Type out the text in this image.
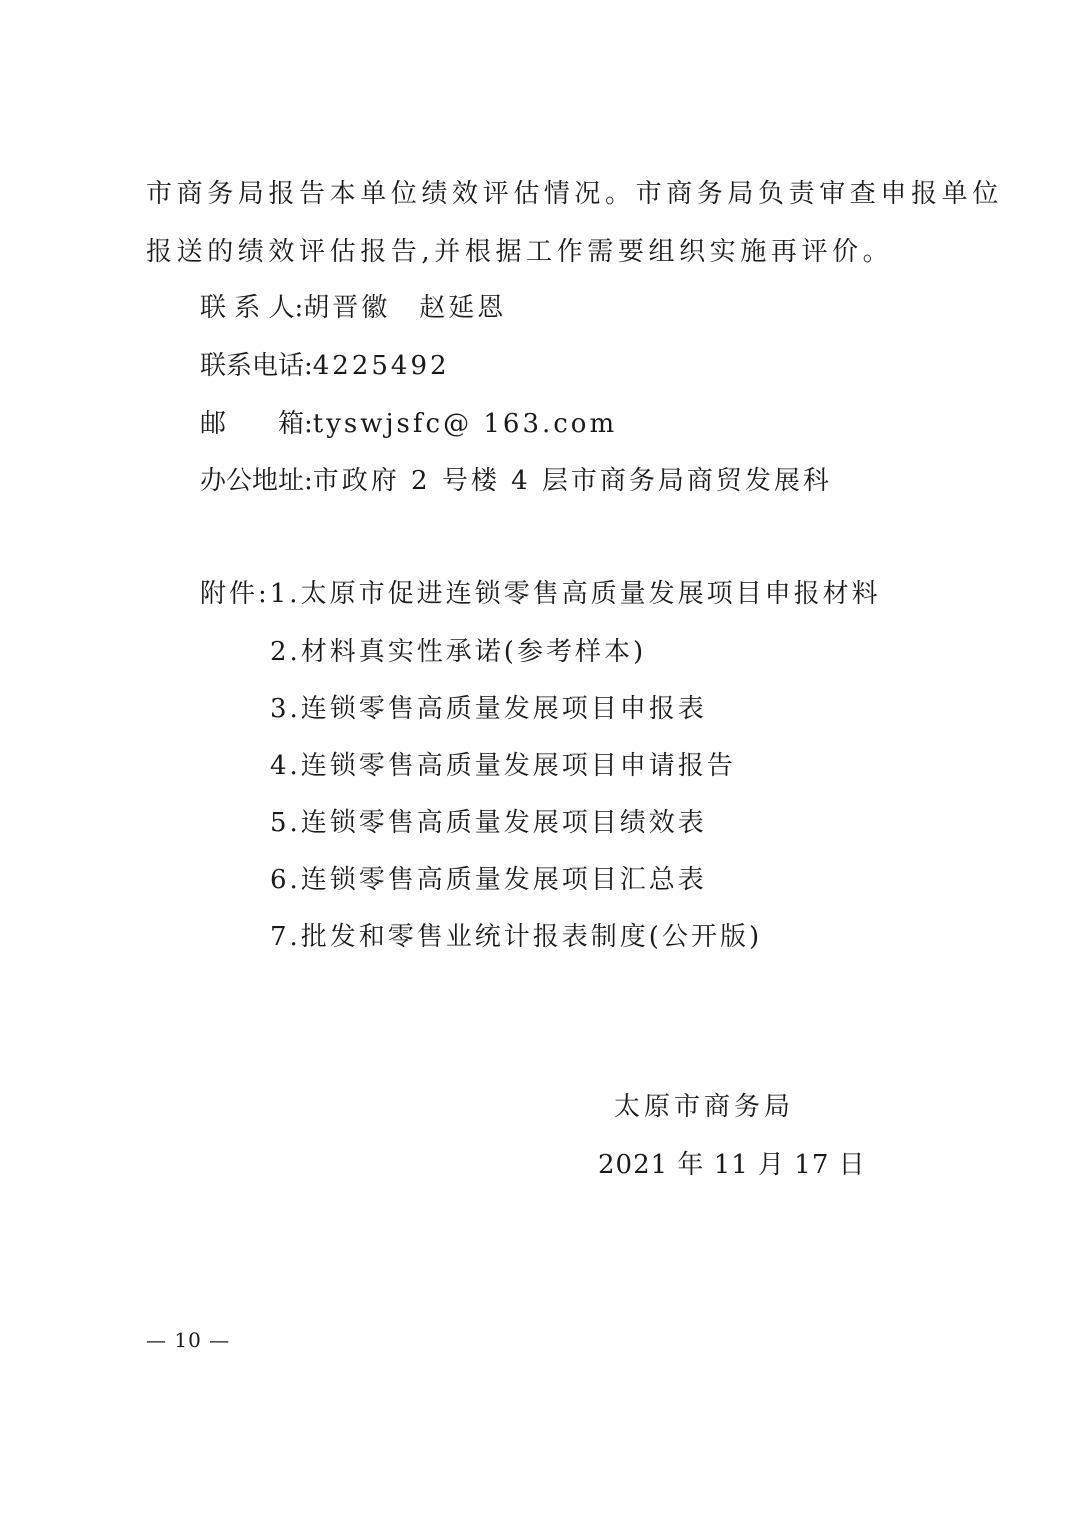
市商务局报告本单位绩效评估情况。市商务局负责审查申报单位
报送的绩效评估报告,并根据工作需要组织实施再评价。
联 系 人:胡晋徽　赵延恩
联系电话:4225492
邮　　箱:tyswjsfc@ 163.com
办公地址:市政府 2 号楼 4 层市商务局商贸发展科
附件:1.太原市促进连锁零售高质量发展项目申报材料
2.材料真实性承诺(参考样本)
3.连锁零售高质量发展项目申报表
4.连锁零售高质量发展项目申请报告
5.连锁零售高质量发展项目绩效表
6.连锁零售高质量发展项目汇总表
7.批发和零售业统计报表制度(公开版)
太原市商务局
2021 年 11 月 17 日
— 10 —
